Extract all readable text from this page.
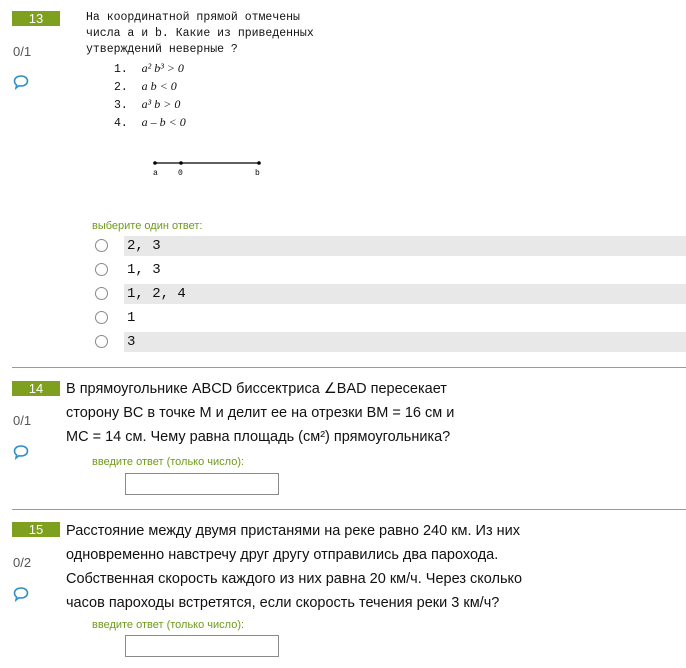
13
0/1
На координатной прямой отмечены
числа a и b. Какие из приведенных
утверждений неверные ?
1. a² b³ > 0
2. a b < 0
3. a³ b > 0
4. a – b < 0
a	0	b
выберите один ответ:
2, 3
1, 3
1, 2, 4
1
3
14
0/1
В прямоугольнике ABCD биссектриса ∠BAD пересекает
сторону BC в точке M и делит ее на отрезки BM = 16 см и
MC = 14 см. Чему равна площадь (см²) прямоугольника?
введите ответ (только число):
15
0/2
Расстояние между двумя пристанями на реке равно 240 км. Из них
одновременно навстречу друг другу отправились два парохода.
Собственная скорость каждого из них равна 20 км/ч. Через сколько
часов пароходы встретятся, если скорость течения реки 3 км/ч?
введите ответ (только число):
